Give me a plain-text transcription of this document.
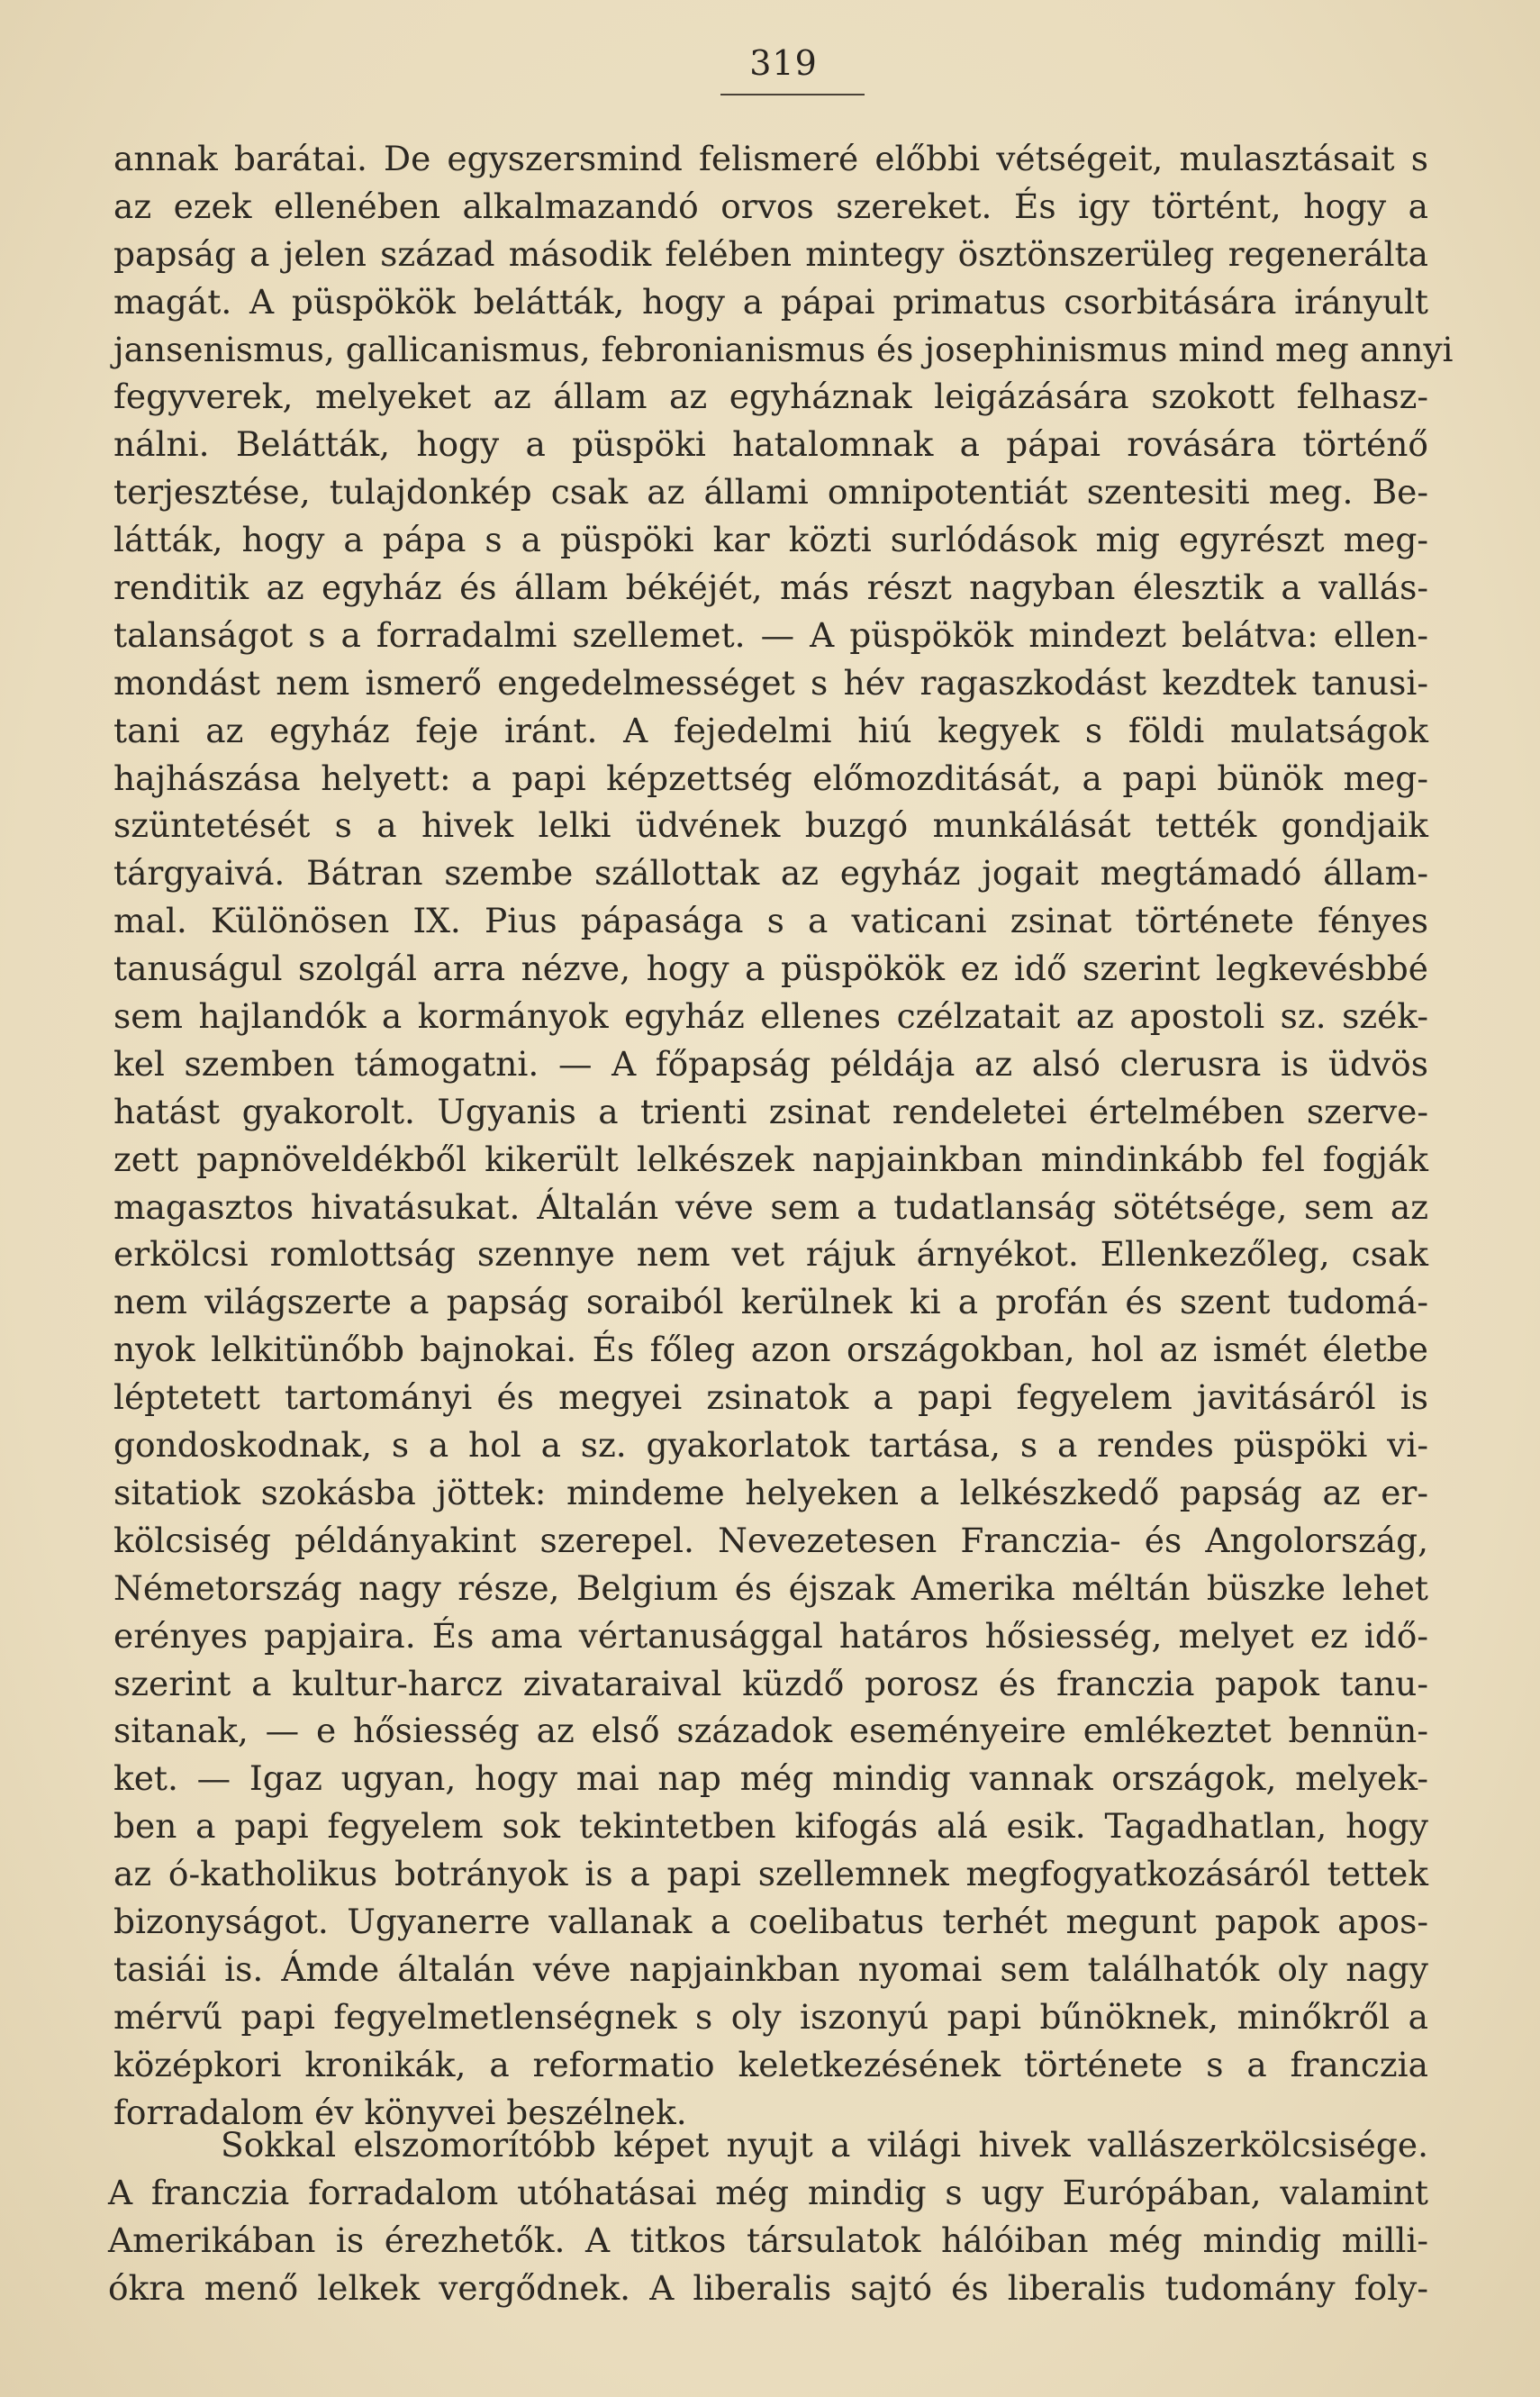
319
annak barátai. De egyszersmind felismeré előbbi vétségeit, mulasztásait s
az ezek ellenében alkalmazandó orvos szereket. És igy történt, hogy a
papság a jelen század második felében mintegy ösztönszerüleg regenerálta
magát. A püspökök belátták, hogy a pápai primatus csorbitására irányult
jansenismus, gallicanismus, febronianismus és josephinismus mind meg annyi
fegyverek, melyeket az állam az egyháznak leigázására szokott felhasz-
nálni. Belátták, hogy a püspöki hatalomnak a pápai rovására történő
terjesztése, tulajdonkép csak az állami omnipotentiát szentesiti meg. Be-
látták, hogy a pápa s a püspöki kar közti surlódások mig egyrészt meg-
renditik az egyház és állam békéjét, más részt nagyban élesztik a vallás-
talanságot s a forradalmi szellemet. — A püspökök mindezt belátva: ellen-
mondást nem ismerő engedelmességet s hév ragaszkodást kezdtek tanusi-
tani az egyház feje iránt. A fejedelmi hiú kegyek s földi mulatságok
hajhászása helyett: a papi képzettség előmozditását, a papi bünök meg-
szüntetését s a hivek lelki üdvének buzgó munkálását tették gondjaik
tárgyaivá. Bátran szembe szállottak az egyház jogait megtámadó állam-
mal. Különösen IX. Pius pápasága s a vaticani zsinat története fényes
tanuságul szolgál arra nézve, hogy a püspökök ez idő szerint legkevésbbé
sem hajlandók a kormányok egyház ellenes czélzatait az apostoli sz. szék-
kel szemben támogatni. — A főpapság példája az alsó clerusra is üdvös
hatást gyakorolt. Ugyanis a trienti zsinat rendeletei értelmében szerve-
zett papnöveldékből kikerült lelkészek napjainkban mindinkább fel fogják
magasztos hivatásukat. Általán véve sem a tudatlanság sötétsége, sem az
erkölcsi romlottság szennye nem vet rájuk árnyékot. Ellenkezőleg, csak
nem világszerte a papság soraiból kerülnek ki a profán és szent tudomá-
nyok lelkitünőbb bajnokai. És főleg azon országokban, hol az ismét életbe
léptetett tartományi és megyei zsinatok a papi fegyelem javitásáról is
gondoskodnak, s a hol a sz. gyakorlatok tartása, s a rendes püspöki vi-
sitatiok szokásba jöttek: mindeme helyeken a lelkészkedő papság az er-
kölcsiség példányakint szerepel. Nevezetesen Franczia- és Angolország,
Németország nagy része, Belgium és éjszak Amerika méltán büszke lehet
erényes papjaira. És ama vértanusággal határos hősiesség, melyet ez idő-
szerint a kultur-harcz zivataraival küzdő porosz és franczia papok tanu-
sitanak, — e hősiesség az első századok eseményeire emlékeztet bennün-
ket. — Igaz ugyan, hogy mai nap még mindig vannak országok, melyek-
ben a papi fegyelem sok tekintetben kifogás alá esik. Tagadhatlan, hogy
az ó-katholikus botrányok is a papi szellemnek megfogyatkozásáról tettek
bizonyságot. Ugyanerre vallanak a coelibatus terhét megunt papok apos-
tasiái is. Ámde általán véve napjainkban nyomai sem találhatók oly nagy
mérvű papi fegyelmetlenségnek s oly iszonyú papi bűnöknek, minőkről a
középkori kronikák, a reformatio keletkezésének története s a franczia
forradalom év könyvei beszélnek.
Sokkal elszomorítóbb képet nyujt a világi hivek vallászerkölcsisége.
A franczia forradalom utóhatásai még mindig s ugy Európában, valamint
Amerikában is érezhetők. A titkos társulatok hálóiban még mindig milli-
ókra menő lelkek vergődnek. A liberalis sajtó és liberalis tudomány foly-
